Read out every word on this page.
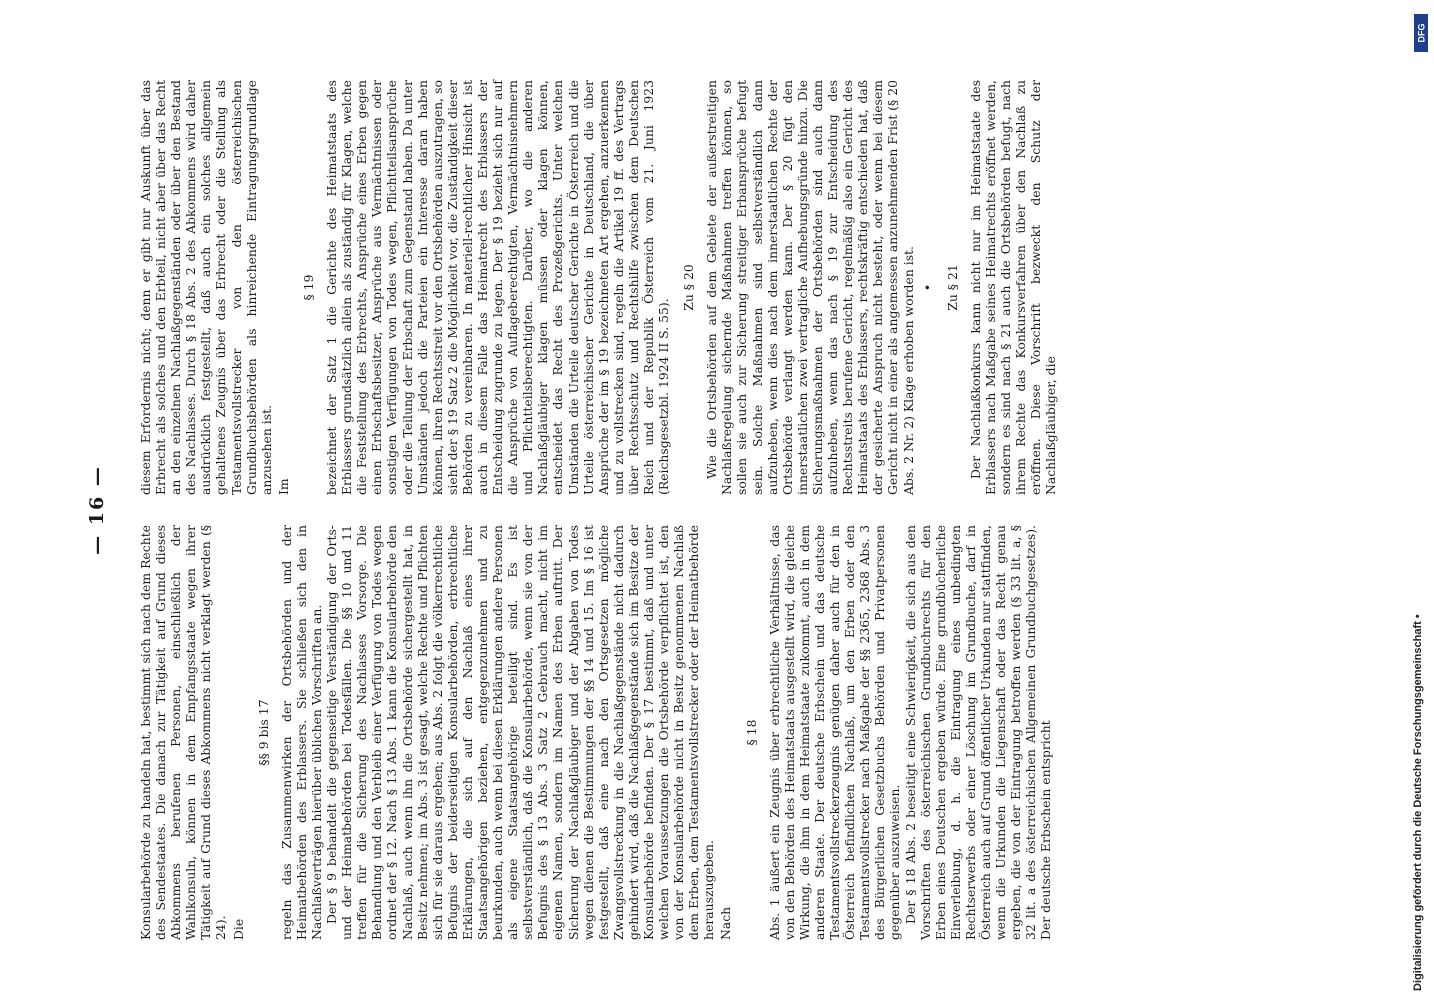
— 16 —

Konsularbehörde zu handeln hat, bestimmt sich nach dem Rechte des Sendestaates. Die danach zur Tätigkeit auf Grund dieses Abkommens berufenen Personen, einschließlich der Wahlkonsuln, können in dem Empfangsstaate wegen ihrer Tätigkeit auf Grund dieses Abkommens nicht verklagt werden (§ 24). Die
§§ 9 bis 17 regeln das Zusammenwirken der Ortsbehörden und der Heimatbehörden des Erblassers. Sie schließen sich den in Nachlaßverträgen hierüber üblichen Vorschriften an. Der § 9 behandelt die gegenseitige Verständigung der Orts- und der Heimatbehörden bei Todesfällen. Die §§ 10 und 11 treffen für die Sicherung des Nachlasses Vorsorge. Die Behandlung und den Verbleib einer Verfügung von Todes wegen ordnet der § 12. Nach § 13 Abs. 1 kann die Konsularbehörde den Nachlaß, auch wenn ihn die Ortsbehörde sichergestellt hat, in Besitz nehmen; im Abs. 3 ist gesagt, welche Rechte und Pflichten sich für sie daraus ergeben; aus Abs. 2 folgt die völkerrechtliche Befugnis der beiderseitigen Konsularbehörden, erbrechtliche Erklärungen, die sich auf den Nachlaß eines ihrer Staatsangehörigen beziehen, entgegenzunehmen und zu beurkunden, auch wenn bei diesen Erklärungen andere Personen als eigene Staatsangehörige beteiligt sind. Es ist selbstverständlich, daß die Konsularbehörde, wenn sie von der Befugnis des § 13 Abs. 3 Satz 2 Gebrauch macht, nicht im eigenen Namen, sondern im Namen des Erben auftritt. Der Sicherung der Nachlaßgläubiger und der Abgaben von Todes wegen dienen die Bestimmungen der §§ 14 und 15. Im § 16 ist festgestellt, daß eine nach den Ortsgesetzen mögliche Zwangsvollstreckung in die Nachlaßgegenstände nicht dadurch gehindert wird, daß die Nachlaßgegenstände sich im Besitze der Konsularbehörde befinden. Der § 17 bestimmt, daß und unter welchen Voraussetzungen die Ortsbehörde verpflichtet ist, den von der Konsularbehörde nicht in Besitz genommenen Nachlaß dem Erben, dem Testamentsvollstrecker oder der Heimatbehörde herauszugeben. Nach
§ 18 Abs. 1 äußert ein Zeugnis über erbrechtliche Verhältnisse, das von den Behörden des Heimatstaats ausgestellt wird, die gleiche Wirkung, die ihm in dem Heimatstaate zukommt, auch in dem anderen Staate. Der deutsche Erbschein und das deutsche Testamentsvollstreckerzeugnis genügen daher auch für den in Österreich befindlichen Nachlaß, um den Erben oder den Testamentsvollstrecker nach Maßgabe der §§ 2365, 2368 Abs. 3 des Bürgerlichen Gesetzbuchs Behörden und Privatpersonen gegenüber auszuweisen. Der § 18 Abs. 2 beseitigt eine Schwierigkeit, die sich aus den Vorschriften des österreichischen Grundbuchrechts für den Erben eines Deutschen ergeben würde. Eine grundbücherliche Einverleibung, d. h. die Eintragung eines unbedingten Rechtserwerbs oder einer Löschung im Grundbuche, darf in Österreich auch auf Grund öffentlicher Urkunden nur stattfinden, wenn die Urkunden die Liegenschaft oder das Recht genau ergeben, die von der Eintragung betroffen werden (§ 33 lit. a, § 32 lit. a des österreichischen Allgemeinen Grundbuchgesetzes). Der deutsche Erbschein entspricht

diesem Erfordernis nicht; denn er gibt nur Auskunft über das Erbrecht als solches und den Erbteil, nicht aber über das Recht an den einzelnen Nachlaßgegenständen oder über den Bestand des Nachlasses. Durch § 18 Abs. 2 des Abkommens wird daher ausdrücklich festgestellt, daß auch ein solches allgemein gehaltenes Zeugnis über das Erbrecht oder die Stellung als Testamentsvollstrecker von den österreichischen Grundbuchsbehörden als hinreichende Eintragungsgrundlage anzusehen ist. Im
§ 19 bezeichnet der Satz 1 die Gerichte des Heimatstaats des Erblassers grundsätzlich allein als zuständig für Klagen, welche die Feststellung des Erbrechts, Ansprüche eines Erben gegen einen Erbschaftsbesitzer, Ansprüche aus Vermächtnissen oder sonstigen Verfügungen von Todes wegen, Pflichtteilsansprüche oder die Teilung der Erbschaft zum Gegenstand haben. Da unter Umständen jedoch die Parteien ein Interesse daran haben können, ihren Rechtsstreit vor den Ortsbehörden auszutragen, so sieht der § 19 Satz 2 die Möglichkeit vor, die Zuständigkeit dieser Behörden zu vereinbaren. In materiell-rechtlicher Hinsicht ist auch in diesem Falle das Heimatrecht des Erblassers der Entscheidung zugrunde zu legen. Der § 19 bezieht sich nur auf die Ansprüche von Auflageberechtigten, Vermächtnisnehmern und Pflichtteilsberechtigten. Darüber, wo die anderen Nachlaßgläubiger klagen müssen oder klagen können, entscheidet das Recht des Prozeßgerichts. Unter welchen Umständen die Urteile deutscher Gerichte in Österreich und die Urteile österreichischer Gerichte in Deutschland, die über Ansprüche der im § 19 bezeichneten Art ergehen, anzuerkennen und zu vollstrecken sind, regeln die Artikel 19 ff. des Vertrags über Rechtsschutz und Rechtshilfe zwischen dem Deutschen Reich und der Republik Österreich vom 21. Juni 1923 (Reichsgesetzbl. 1924 II S. 55).

Zu § 20 Wie die Ortsbehörden auf dem Gebiete der außerstreitigen Nachlaßregelung sichernde Maßnahmen treffen können, so sollen sie auch zur Sicherung streitiger Erbansprüche befugt sein. Solche Maßnahmen sind selbstverständlich dann aufzuheben, wenn dies nach dem innerstaatlichen Rechte der Ortsbehörde verlangt werden kann. Der § 20 fügt den innerstaatlichen zwei vertragliche Aufhebungsgründe hinzu. Die Sicherungsmaßnahmen der Ortsbehörden sind auch dann aufzuheben, wenn das nach § 19 zur Entscheidung des Rechtsstreits berufene Gericht, regelmäßig also ein Gericht des Heimatstaats des Erblassers, rechtskräftig entschieden hat, daß der gesicherte Anspruch nicht besteht, oder wenn bei diesem Gericht nicht in einer als angemessen anzunehmenden Frist (§ 20 Abs. 2 Nr. 2) Klage erhoben worden ist. • Zu § 21 Der Nachlaßkonkurs kann nicht nur im Heimatstaate des Erblassers nach Maßgabe seines Heimatrechts eröffnet werden, sondern es sind nach § 21 auch die Ortsbehörden befugt, nach ihrem Rechte das Konkursverfahren über den Nachlaß zu eröffnen. Diese Vorschrift bezweckt den Schutz der Nachlaßgläubiger, die

Digitalisierung gefördert durch die Deutsche Forschungsgemeinschaft •
DFG
